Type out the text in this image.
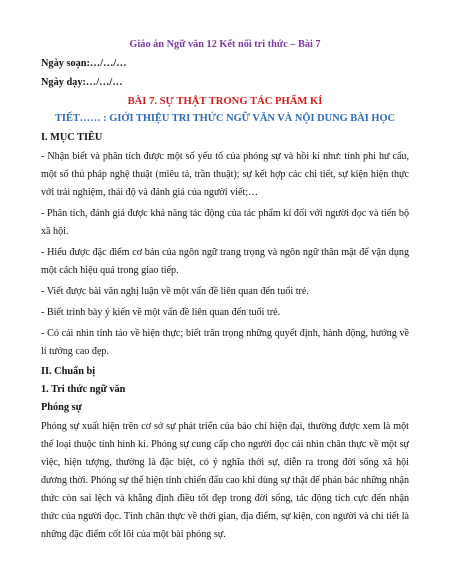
Giáo án Ngữ văn 12 Kết nối tri thức – Bài 7
Ngày soạn:…/…/…
Ngày dạy:…/…/…
BÀI 7. SỰ THẬT TRONG TÁC PHẨM KÍ
TIẾT…… : GIỚI THIỆU TRI THỨC NGỮ VĂN VÀ NỘI DUNG BÀI HỌC
I. MỤC TIÊU

- Nhận biết và phân tích được một số yếu tố của phóng sự và hồi kí như: tính phi hư cấu, một số thủ pháp nghệ thuật (miêu tả, trần thuật); sự kết hợp các chi tiết, sự kiện hiện thực với trải nghiệm, thái độ và đánh giá của người viết;…

- Phân tích, đánh giá được khả năng tác động của tác phẩm kí đối với người đọc và tiến bộ xã hội.

- Hiểu được đặc điểm cơ bản của ngôn ngữ trang trọng và ngôn ngữ thân mật để vận dụng một cách hiệu quả trong giao tiếp.

- Viết được bài văn nghị luận về một vấn đề liên quan đến tuổi trẻ.

- Biết trình bày ý kiến về một vấn đề liên quan đến tuổi trẻ.

- Có cái nhìn tỉnh táo về hiện thực; biết trân trọng những quyết định, hành động, hướng về lí tưởng cao đẹp.

II. Chuẩn bị
1. Tri thức ngữ văn
Phóng sự

Phóng sự xuất hiện trên cơ sở sự phát triển của báo chí hiện đại, thường được xem là một thể loại thuộc tính hình kí. Phóng sự cung cấp cho người đọc cái nhìn chân thực về một sự việc, hiện tượng, thường là đặc biệt, có ý nghĩa thời sự, diễn ra trong đời sống xã hội đương thời. Phóng sự thể hiện tinh chiến đấu cao khi dùng sự thật để phản bác những nhận thức còn sai lệch và khẳng định điều tốt đẹp trong đời sống, tác động tích cực đến nhận thức của người đọc. Tính chân thực về thời gian, địa điểm, sự kiện, con người và chi tiết là những đặc điểm cốt lõi của một bài phóng sự.
